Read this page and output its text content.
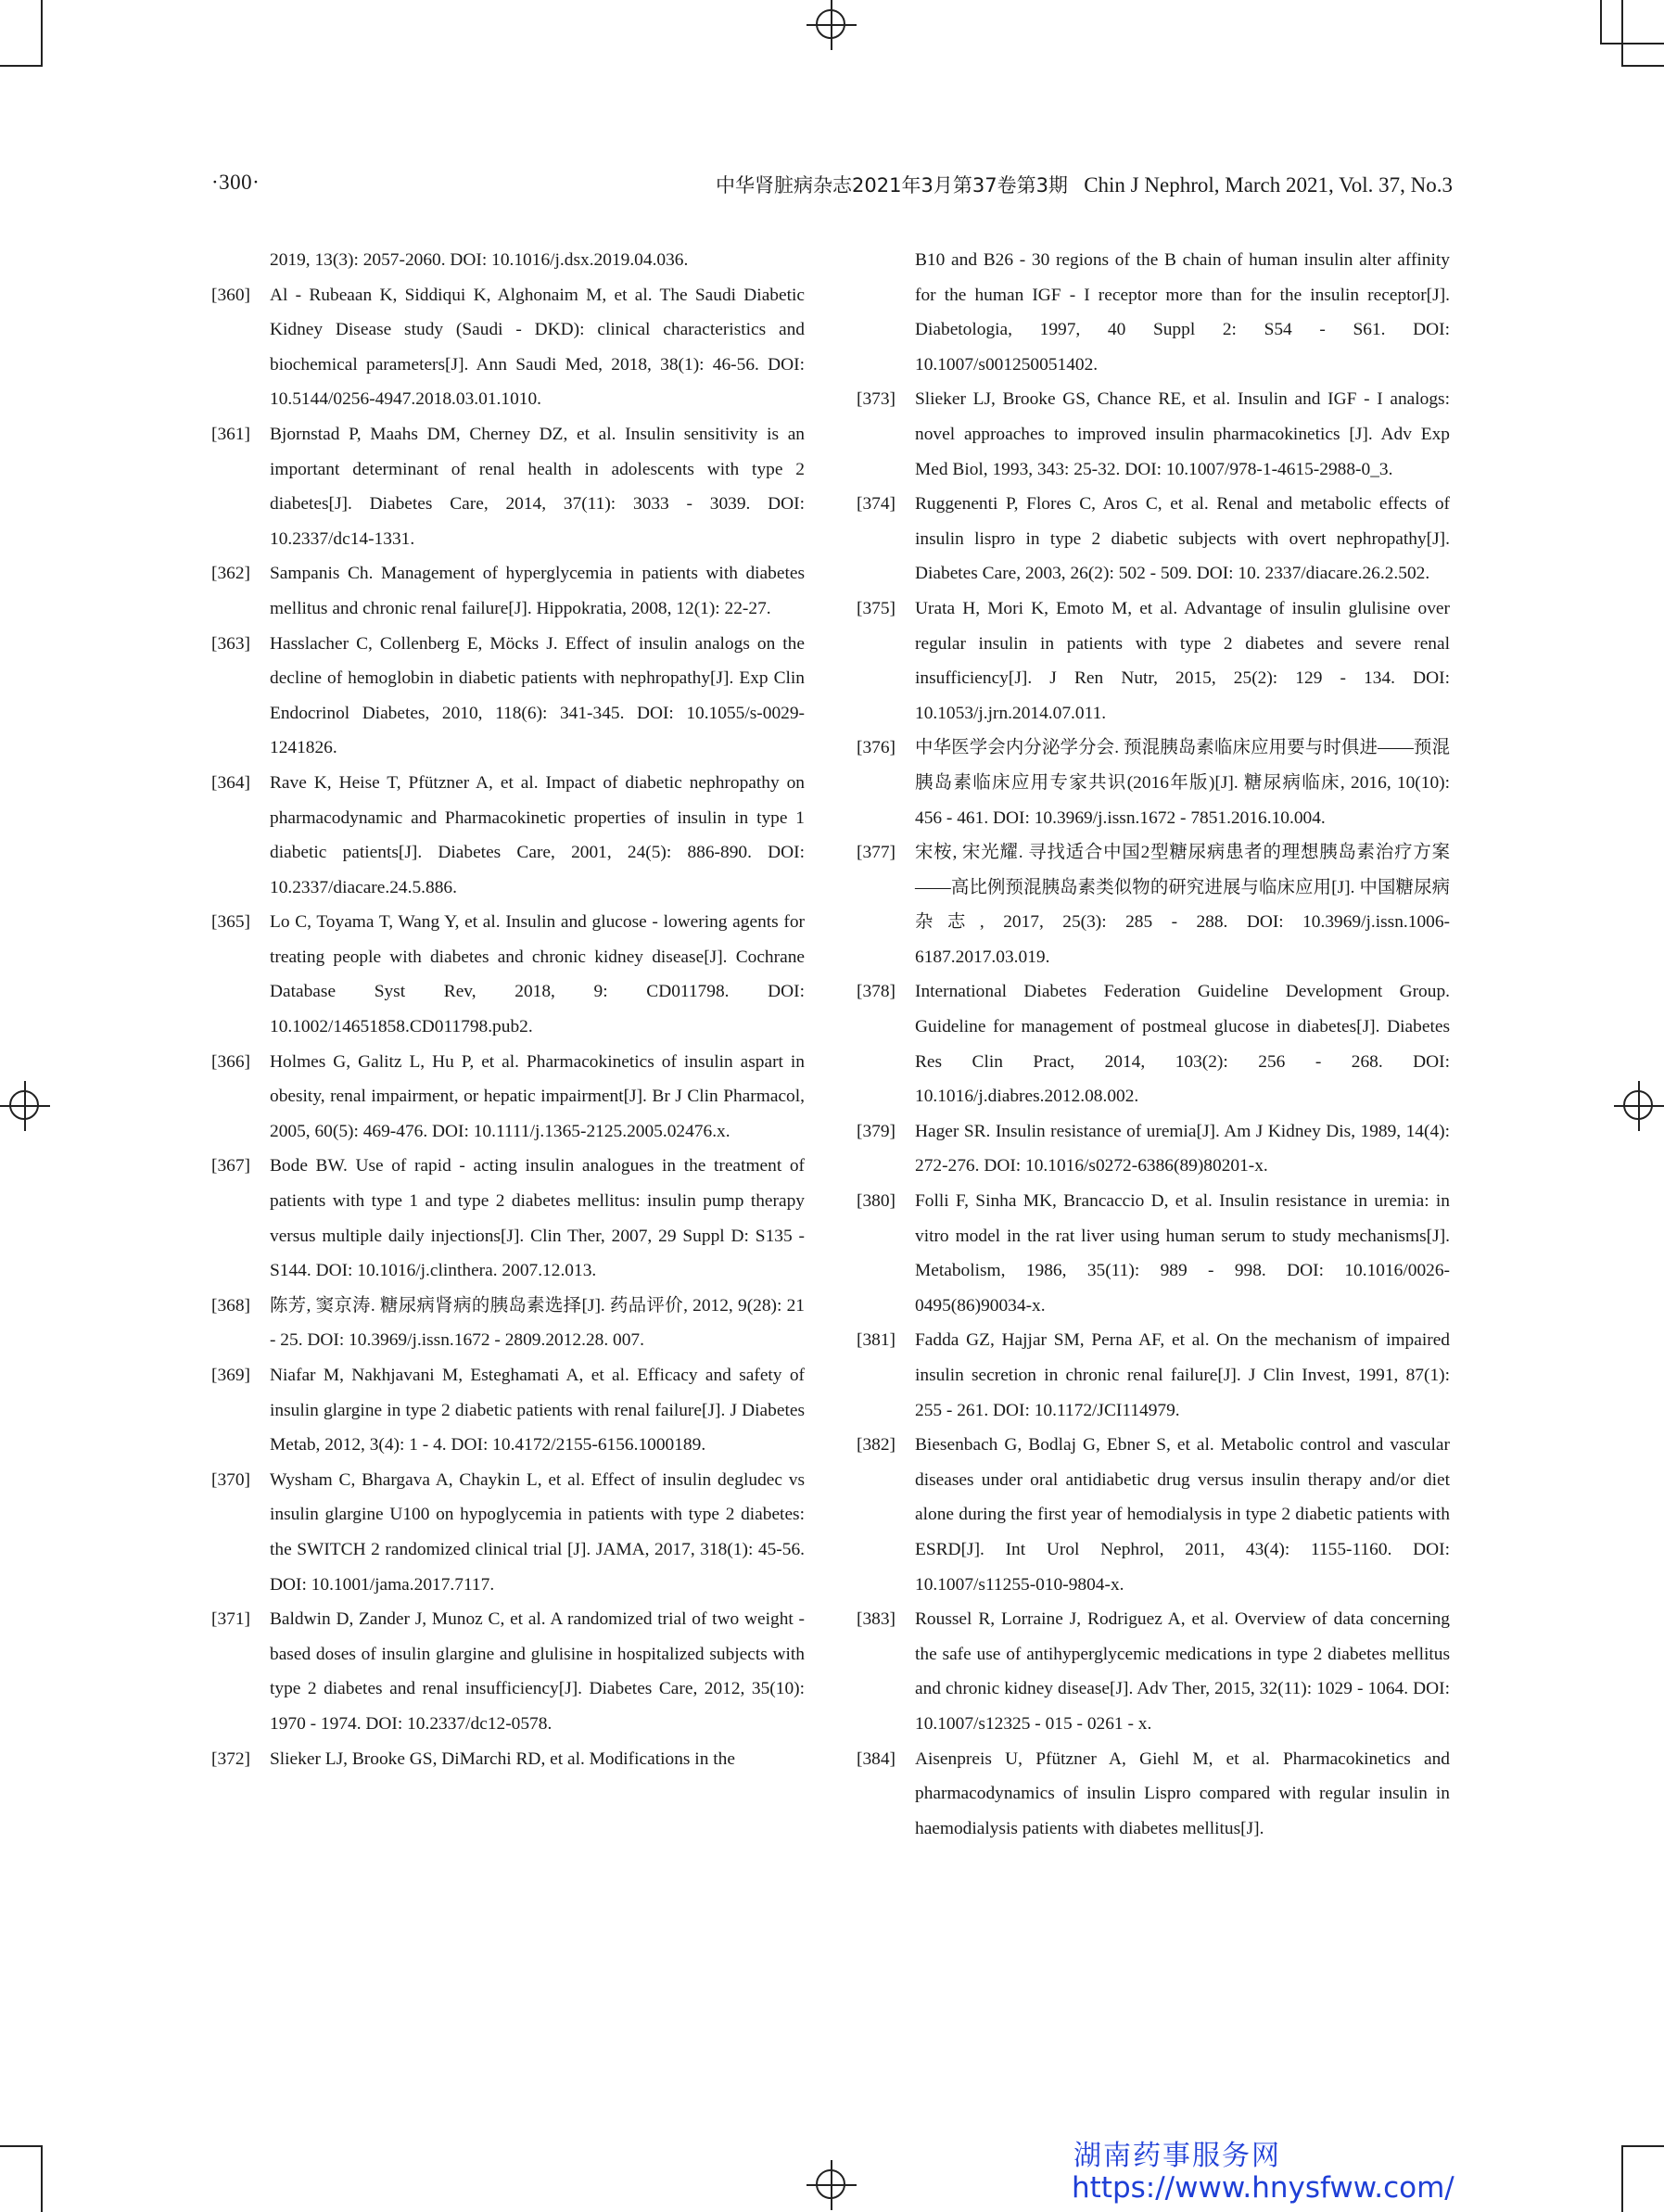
·300·	中华肾脏病杂志2021年3月第37卷第3期 Chin J Nephrol, March 2021, Vol. 37, No.3

2019, 13(3): 2057-2060. DOI: 10.1016/j.dsx.2019.04.036.

[360] Al - Rubeaan K, Siddiqui K, Alghonaim M, et al. The Saudi Diabetic Kidney Disease study (Saudi - DKD): clinical characteristics and biochemical parameters[J]. Ann Saudi Med, 2018, 38(1): 46-56. DOI: 10.5144/0256-4947.2018.03.01.1010.

[361] Bjornstad P, Maahs DM, Cherney DZ, et al. Insulin sensitivity is an important determinant of renal health in adolescents with type 2 diabetes[J]. Diabetes Care, 2014, 37(11): 3033 - 3039. DOI: 10.2337/dc14-1331.

[362] Sampanis Ch. Management of hyperglycemia in patients with diabetes mellitus and chronic renal failure[J]. Hippokratia, 2008, 12(1): 22-27.

[363] Hasslacher C, Collenberg E, Möcks J. Effect of insulin analogs on the decline of hemoglobin in diabetic patients with nephropathy[J]. Exp Clin Endocrinol Diabetes, 2010, 118(6): 341-345. DOI: 10.1055/s-0029-1241826.

[364] Rave K, Heise T, Pfützner A, et al. Impact of diabetic nephropathy on pharmacodynamic and Pharmacokinetic properties of insulin in type 1 diabetic patients[J]. Diabetes Care, 2001, 24(5): 886-890. DOI: 10.2337/diacare.24.5.886.

[365] Lo C, Toyama T, Wang Y, et al. Insulin and glucose - lowering agents for treating people with diabetes and chronic kidney disease[J]. Cochrane Database Syst Rev, 2018, 9: CD011798. DOI: 10.1002/14651858.CD011798.pub2.

[366] Holmes G, Galitz L, Hu P, et al. Pharmacokinetics of insulin aspart in obesity, renal impairment, or hepatic impairment[J]. Br J Clin Pharmacol, 2005, 60(5): 469-476. DOI: 10.1111/j.1365-2125.2005.02476.x.

[367] Bode BW. Use of rapid - acting insulin analogues in the treatment of patients with type 1 and type 2 diabetes mellitus: insulin pump therapy versus multiple daily injections[J]. Clin Ther, 2007, 29 Suppl D: S135 - S144. DOI: 10.1016/j.clinthera. 2007.12.013.

[368] 陈芳, 窦京涛. 糖尿病肾病的胰岛素选择[J]. 药品评价, 2012, 9(28): 21 - 25. DOI: 10.3969/j.issn.1672 - 2809.2012.28. 007.

[369] Niafar M, Nakhjavani M, Esteghamati A, et al. Efficacy and safety of insulin glargine in type 2 diabetic patients with renal failure[J]. J Diabetes Metab, 2012, 3(4): 1 - 4. DOI: 10.4172/2155-6156.1000189.

[370] Wysham C, Bhargava A, Chaykin L, et al. Effect of insulin degludec vs insulin glargine U100 on hypoglycemia in patients with type 2 diabetes: the SWITCH 2 randomized clinical trial [J]. JAMA, 2017, 318(1): 45-56. DOI: 10.1001/jama.2017.7117.

[371] Baldwin D, Zander J, Munoz C, et al. A randomized trial of two weight - based doses of insulin glargine and glulisine in hospitalized subjects with type 2 diabetes and renal insufficiency[J]. Diabetes Care, 2012, 35(10): 1970 - 1974. DOI: 10.2337/dc12-0578.

[372] Slieker LJ, Brooke GS, DiMarchi RD, et al. Modifications in the

B10 and B26 - 30 regions of the B chain of human insulin alter affinity for the human IGF - I receptor more than for the insulin receptor[J]. Diabetologia, 1997, 40 Suppl 2: S54 - S61. DOI: 10.1007/s001250051402.

[373] Slieker LJ, Brooke GS, Chance RE, et al. Insulin and IGF - I analogs: novel approaches to improved insulin pharmacokinetics [J]. Adv Exp Med Biol, 1993, 343: 25-32. DOI: 10.1007/978-1-4615-2988-0_3.

[374] Ruggenenti P, Flores C, Aros C, et al. Renal and metabolic effects of insulin lispro in type 2 diabetic subjects with overt nephropathy[J]. Diabetes Care, 2003, 26(2): 502 - 509. DOI: 10. 2337/diacare.26.2.502.

[375] Urata H, Mori K, Emoto M, et al. Advantage of insulin glulisine over regular insulin in patients with type 2 diabetes and severe renal insufficiency[J]. J Ren Nutr, 2015, 25(2): 129 - 134. DOI: 10.1053/j.jrn.2014.07.011.

[376] 中华医学会内分泌学分会. 预混胰岛素临床应用要与时俱进——预混胰岛素临床应用专家共识(2016年版)[J]. 糖尿病临床, 2016, 10(10): 456 - 461. DOI: 10.3969/j.issn.1672 - 7851.2016.10.004.

[377] 宋桉, 宋光耀. 寻找适合中国2型糖尿病患者的理想胰岛素治疗方案——高比例预混胰岛素类似物的研究进展与临床应用[J]. 中国糖尿病杂志, 2017, 25(3): 285 - 288. DOI: 10.3969/j.issn.1006-6187.2017.03.019.

[378] International Diabetes Federation Guideline Development Group. Guideline for management of postmeal glucose in diabetes[J]. Diabetes Res Clin Pract, 2014, 103(2): 256 - 268. DOI: 10.1016/j.diabres.2012.08.002.

[379] Hager SR. Insulin resistance of uremia[J]. Am J Kidney Dis, 1989, 14(4): 272-276. DOI: 10.1016/s0272-6386(89)80201-x.

[380] Folli F, Sinha MK, Brancaccio D, et al. Insulin resistance in uremia: in vitro model in the rat liver using human serum to study mechanisms[J]. Metabolism, 1986, 35(11): 989 - 998. DOI: 10.1016/0026-0495(86)90034-x.

[381] Fadda GZ, Hajjar SM, Perna AF, et al. On the mechanism of impaired insulin secretion in chronic renal failure[J]. J Clin Invest, 1991, 87(1): 255 - 261. DOI: 10.1172/JCI114979.

[382] Biesenbach G, Bodlaj G, Ebner S, et al. Metabolic control and vascular diseases under oral antidiabetic drug versus insulin therapy and/or diet alone during the first year of hemodialysis in type 2 diabetic patients with ESRD[J]. Int Urol Nephrol, 2011, 43(4): 1155-1160. DOI: 10.1007/s11255-010-9804-x.

[383] Roussel R, Lorraine J, Rodriguez A, et al. Overview of data concerning the safe use of antihyperglycemic medications in type 2 diabetes mellitus and chronic kidney disease[J]. Adv Ther, 2015, 32(11): 1029 - 1064. DOI: 10.1007/s12325 - 015 - 0261 - x.

[384] Aisenpreis U, Pfützner A, Giehl M, et al. Pharmacokinetics and pharmacodynamics of insulin Lispro compared with regular insulin in haemodialysis patients with diabetes mellitus[J].

湖南药事服务网
https://www.hnysfww.com/
